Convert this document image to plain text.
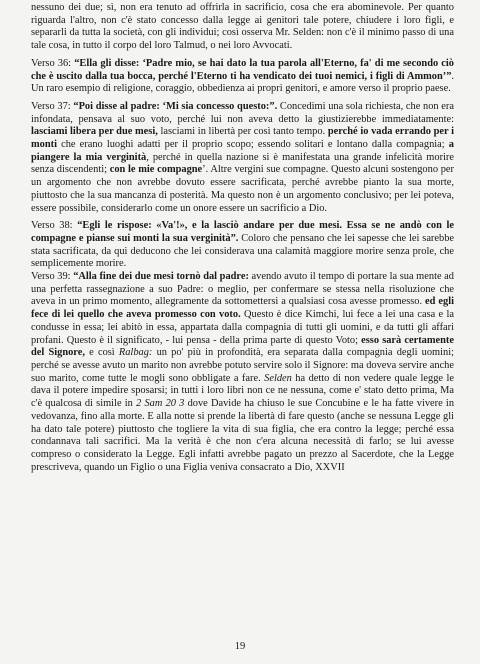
nessuno dei due; sì, non era tenuto ad offrirla in sacrificio, cosa che era abominevole. Per quanto riguarda l'altro, non c'è stato concesso dalla legge ai genitori tale potere, chiudere i loro figli, e separarli da tutta la società, con gli individui; così osserva Mr. Selden: non c'è il minimo passo di una tale cosa, in tutto il corpo del loro Talmud, o nei loro Avvocati.

Verso 36: “Ella gli disse: ‘Padre mio, se hai dato la tua parola all'Eterno, fa' di me secondo ciò che è uscito dalla tua bocca, perché l'Eterno ti ha vendicato dei tuoi nemici, i figli di Ammon’”. Un raro esempio di religione, coraggio, obbedienza ai propri genitori, e amore verso il proprio paese.

Verso 37: “Poi disse al padre: ‘Mi sia concesso questo:”. Concedimi una sola richiesta, che non era infondata, pensava al suo voto, perché lui non aveva detto la giustizierebbe immediatamente: lasciami libera per due mesi, lasciami in libertà per così tanto tempo. perché io vada errando per i monti che erano luoghi adatti per il proprio scopo; essendo solitari e lontano dalla compagnia; a piangere la mia verginità, perché in quella nazione si è manifestata una grande infelicità morire senza discendenti; con le mie compagne’. Altre vergini sue compagne. Questo alcuni sostengono per un argomento che non avrebbe dovuto essere sacrificata, perché avrebbe pianto la sua morte, piuttosto che la sua mancanza di posterità. Ma questo non è un argomento conclusivo; per lei poteva, essere possibile, considerarlo come un onore essere un sacrificio a Dio.

Verso 38: “Egli le rispose: «Va'!», e la lasciò andare per due mesi. Essa se ne andò con le compagne e pianse sui monti la sua verginità”. Coloro che pensano che lei sapesse che lei sarebbe stata sacrificata, da qui deducono che lei considerava una calamità maggiore morire senza prole, che semplicemente morire.

Verso 39: “Alla fine dei due mesi tornò dal padre: avendo avuto il tempo di portare la sua mente ad una perfetta rassegnazione a suo Padre: o meglio, per confermare se stessa nella risoluzione che aveva in un primo momento, allegramente da sottomettersi a qualsiasi cosa avesse promesso. ed egli fece di lei quello che aveva promesso con voto. Questo è dice Kimchi, lui fece a lei una casa e la condusse in essa; lei abitò in essa, appartata dalla compagnia di tutti gli uomini, e da tutti gli affari profani. Questo è il significato, - lui pensa - della prima parte di questo Voto; esso sarà certamente del Signore, e così Ralbag: un po' più in profondità, era separata dalla compagnia degli uomini; perché se avesse avuto un marito non avrebbe potuto servire solo il Signore: ma doveva servire anche suo marito, come tutte le mogli sono obbligate a fare. Selden ha detto di non vedere quale legge le dava il potere impedire sposarsi; in tutti i loro libri non ce ne nessuna, come e' stato detto prima, Ma c'è qualcosa di simile in 2 Sam 20 3 dove Davide ha chiuso le sue Concubine e le ha fatte vivere in vedovanza, fino alla morte. E alla notte si prende la libertà di fare questo (anche se nessuna Legge gli ha dato tale potere) piuttosto che togliere la vita di sua figlia, che era contro la legge; perché essa condannava tali sacrifici. Ma la verità è che non c'era alcuna necessità di farlo; se lui avesse compreso o considerato la Legge. Egli infatti avrebbe pagato un prezzo al Sacerdote, che la Legge prescriveva, quando un Figlio o una Figlia veniva consacrato a Dio, XXVII

19
